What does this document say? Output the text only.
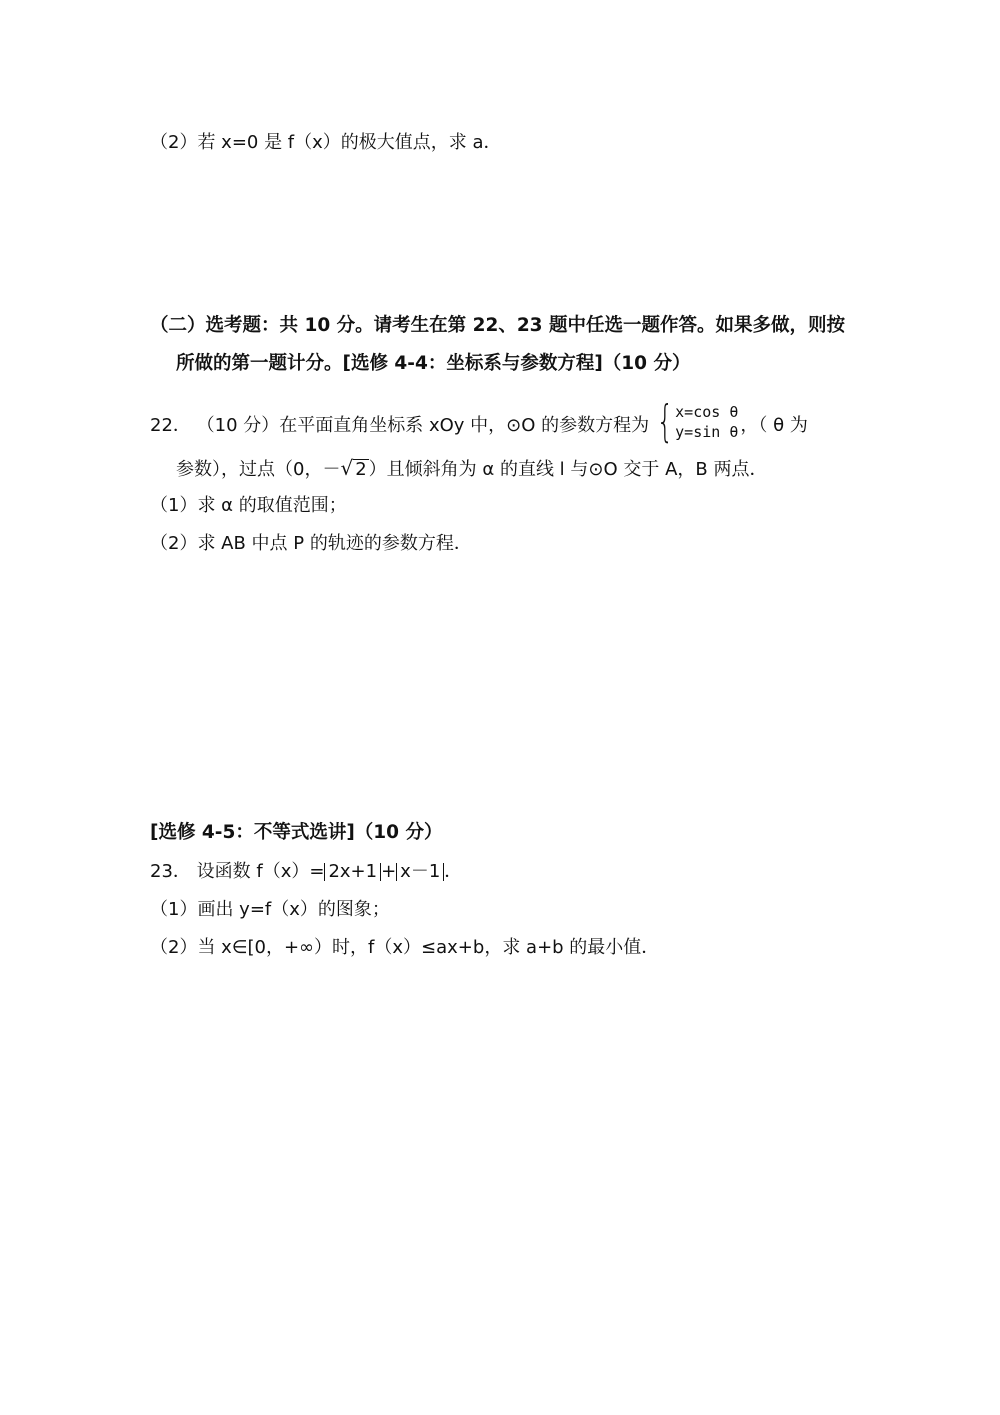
（2）若 x=0 是 f（x）的极大值点，求 a．
（二）选考题：共 10 分。请考生在第 22、23 题中任选一题作答。如果多做，则按
所做的第一题计分。[选修 4-4：坐标系与参数方程]（10 分）
22． （10 分）在平面直角坐标系 xOy 中，⊙O 的参数方程为 { x=cos θ
y=sin θ ，（ θ 为
参数），过点（0，－ √ 2 ）且倾斜角为 α 的直线 l 与⊙O 交于 A，B 两点．
（1）求 α 的取值范围；
（2）求 AB 中点 P 的轨迹的参数方程．
[选修 4-5：不等式选讲]（10 分）
23． 设函数 f（x）= 2x+1 + x－1 ．
（1）画出 y=f（x）的图象；
（2）当 x∈[0，+∞）时，f（x）≤ax+b，求 a+b 的最小值．
